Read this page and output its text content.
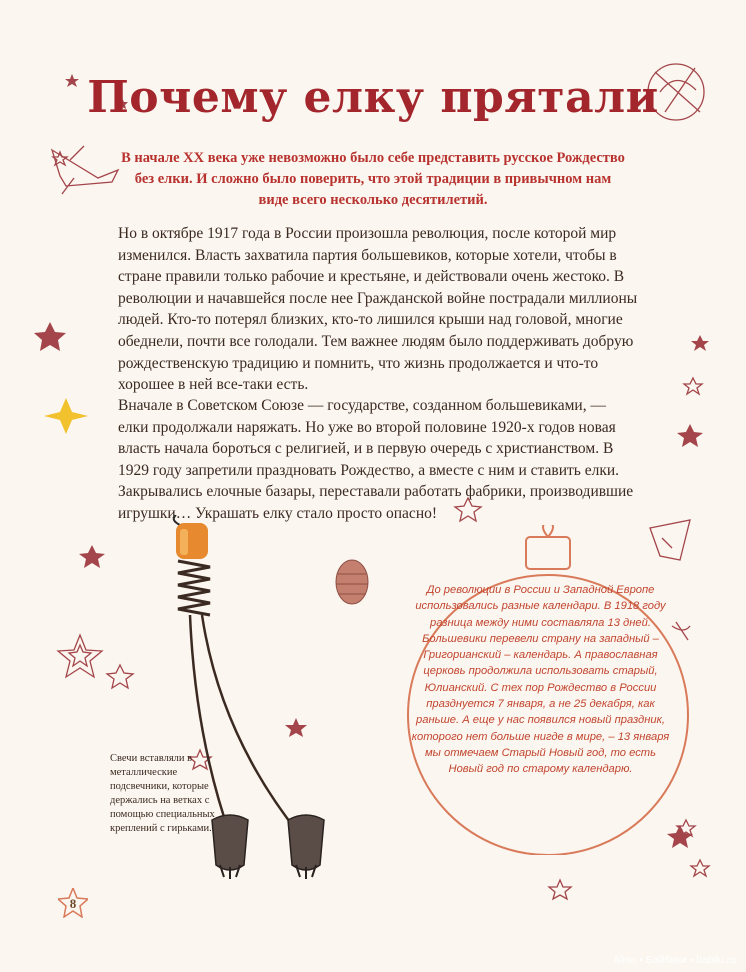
Почему елку прятали
В начале XX века уже невозможно было себе представить русское Рождество без елки. И сложно было поверить, что этой традиции в привычном нам виде всего несколько десятилетий.

Но в октябре 1917 года в России произошла революция, после которой мир изменился. Власть захватила партия большевиков, которые хотели, чтобы в стране правили только рабочие и крестьяне, и действовали очень жестоко. В революции и начавшейся после нее Гражданской войне пострадали миллионы людей. Кто-то потерял близких, кто-то лишился крыши над головой, многие обеднели, почти все голодали. Тем важнее людям было поддерживать добрую рождественскую традицию и помнить, что жизнь продолжается и что-то хорошее в ней все-таки есть.

Вначале в Советском Союзе — государстве, созданном большевиками, — елки продолжали наряжать. Но уже во второй половине 1920-х годов новая власть начала бороться с религией, и в первую очередь с христианством. В 1929 году запретили праздновать Рождество, а вместе с ним и ставить елки. Закрывались елочные базары, переставали работать фабрики, производившие игрушки… Украшать елку стало просто опасно!

Свечи вставляли в металлические подсвечники, которые держались на ветках с помощью специальных креплений с гирьками.
До революции в России и Западной Европе использовались разные календари. В 1918 году разница между ними составляла 13 дней. Большевики перевели страну на западный – Григорианский – календарь. А православная церковь продолжила использовать старый, Юлианский. С тех пор Рождество в России празднуется 7 января, а не 25 декабря, как раньше. А еще у нас появился новый праздник, которого нет больше нигде в мире, – 13 января мы отмечаем Старый Новый год, то есть Новый год по старому календарю.
8
Alina • Байбики • babiki.ru
